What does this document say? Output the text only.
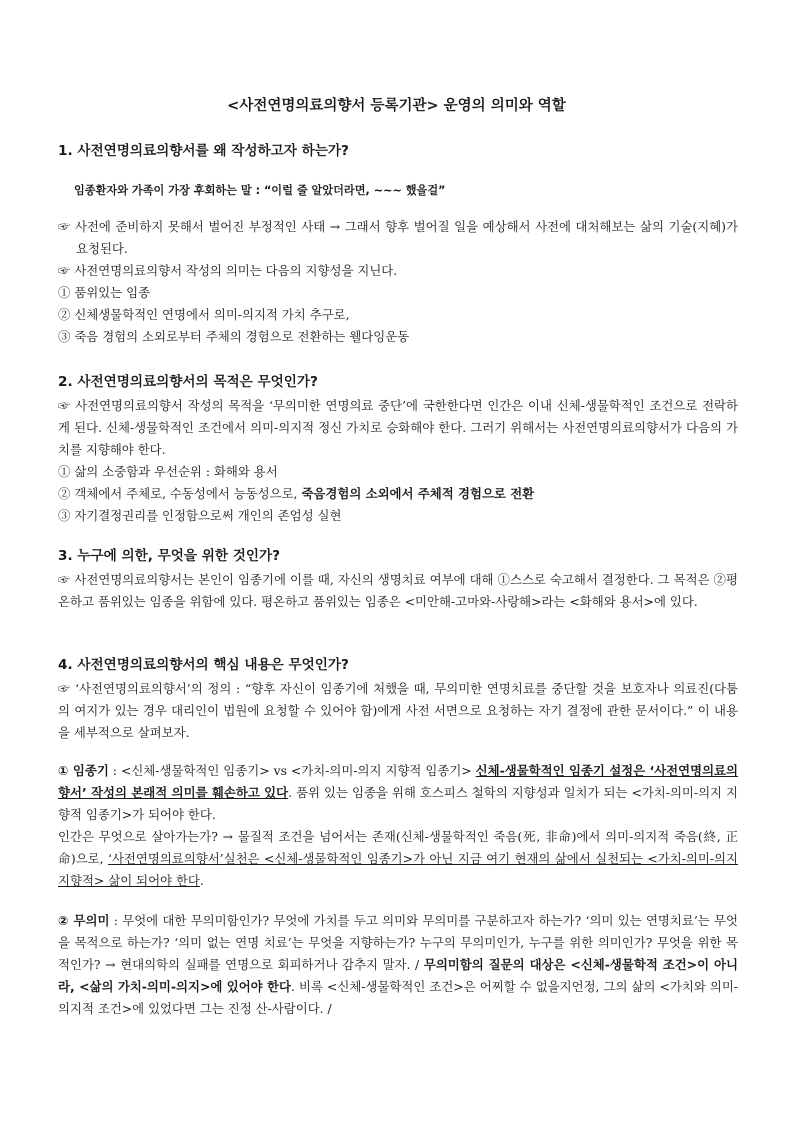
<사전연명의료의향서 등록기관> 운영의 의미와 역할
1. 사전연명의료의향서를 왜 작성하고자 하는가?
임종환자와 가족이 가장 후회하는 말 : “이럴 줄 알았더라면, ~~~ 했을걸”

☞ 사전에 준비하지 못해서 벌어진 부정적인 사태 → 그래서 향후 벌어질 일을 예상해서 사전에 대처해보는 삶의 기술(지혜)가 요청된다.

☞ 사전연명의료의향서 작성의 의미는 다음의 지향성을 지닌다.

① 품위있는 임종

② 신체생물학적인 연명에서 의미-의지적 가치 추구로,

③ 죽음 경험의 소외로부터 주체의 경험으로 전환하는 웰다잉운동

2. 사전연명의료의향서의 목적은 무엇인가?

☞ 사전연명의료의향서 작성의 목적을 ‘무의미한 연명의료 중단’에 국한한다면 인간은 이내 신체-생물학적인 조건으로 전락하게 된다. 신체-생물학적인 조건에서 의미-의지적 정신 가치로 승화해야 한다. 그러기 위해서는 사전연명의료의향서가 다음의 가치를 지향해야 한다.

① 삶의 소중함과 우선순위 : 화해와 용서

② 객체에서 주체로, 수동성에서 능동성으로, 죽음경험의 소외에서 주체적 경험으로 전환

③ 자기결정권리를 인정함으로써 개인의 존엄성 실현

3. 누구에 의한, 무엇을 위한 것인가?

☞ 사전연명의료의향서는 본인이 임종기에 이를 때, 자신의 생명치료 여부에 대해 ①스스로 숙고해서 결정한다. 그 목적은 ②평온하고 품위있는 임종을 위함에 있다. 평온하고 품위있는 임종은 <미안해-고마와-사랑해>라는 <화해와 용서>에 있다.

4. 사전연명의료의향서의 핵심 내용은 무엇인가?

☞ ‘사전연명의료의향서’의 정의 : “향후 자신이 임종기에 처했을 때, 무의미한 연명치료를 중단할 것을 보호자나 의료진(다툼의 여지가 있는 경우 대리인이 법원에 요청할 수 있어야 함)에게 사전 서면으로 요청하는 자기 결정에 관한 문서이다.” 이 내용을 세부적으로 살펴보자.

① 임종기 : <신체-생물학적인 임종기> vs <가치-의미-의지 지향적 임종기> 신체-생물학적인 임종기 설정은 ‘사전연명의료의향서’ 작성의 본래적 의미를 훼손하고 있다. 품위 있는 임종을 위해 호스피스 철학의 지향성과 일치가 되는 <가치-의미-의지 지향적 임종기>가 되어야 한다.

인간은 무엇으로 살아가는가? → 물질적 조건을 넘어서는 존재(신체-생물학적인 죽음(死, 非命)에서 의미-의지적 죽음(終, 正命)으로, ‘사전연명의료의향서’실천은 <신체-생물학적인 임종기>가 아닌 지금 여기 현재의 삶에서 실천되는 <가치-의미-의지 지향적> 삶이 되어야 한다.

② 무의미 : 무엇에 대한 무의미함인가? 무엇에 가치를 두고 의미와 무의미를 구분하고자 하는가? ‘의미 있는 연명치료’는 무엇을 목적으로 하는가? ‘의미 없는 연명 치료’는 무엇을 지향하는가? 누구의 무의미인가, 누구를 위한 의미인가? 무엇을 위한 목적인가? → 현대의학의 실패를 연명으로 회피하거나 감추지 말자. / 무의미함의 질문의 대상은 <신체-생물학적 조건>이 아니라, <삶의 가치-의미-의지>에 있어야 한다. 비록 <신체-생물학적인 조건>은 어찌할 수 없을지언정, 그의 삶의 <가치와 의미-의지적 조건>에 있었다면 그는 진정 산-사람이다. /
